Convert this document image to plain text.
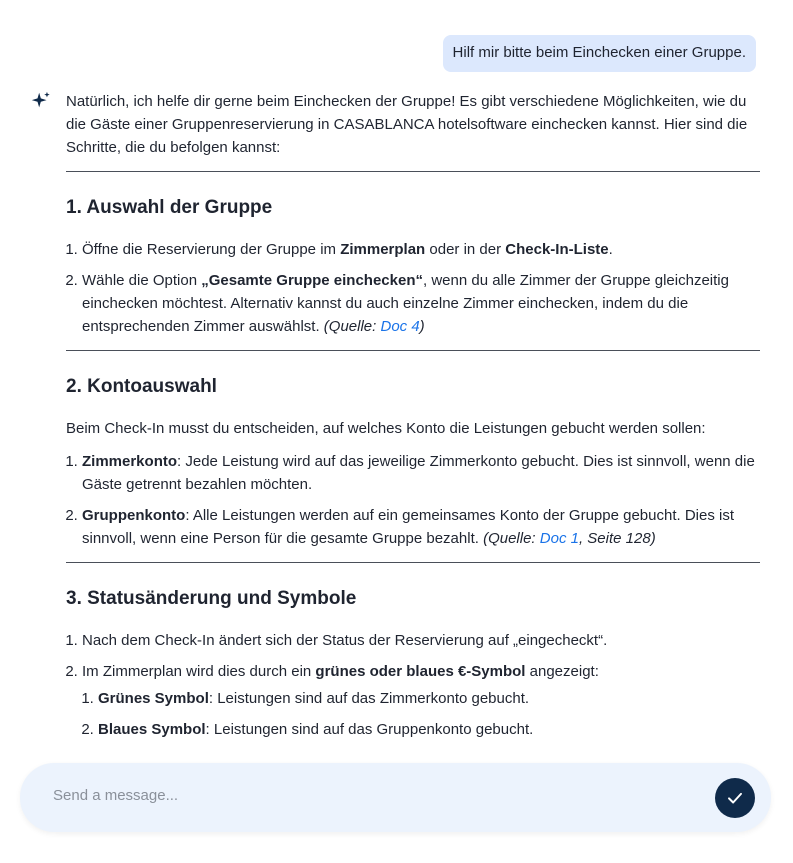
Hilf mir bitte beim Einchecken einer Gruppe.

Natürlich, ich helfe dir gerne beim Einchecken der Gruppe! Es gibt verschiedene Möglichkeiten, wie du die Gäste einer Gruppenreservierung in CASABLANCA hotelsoftware einchecken kannst. Hier sind die Schritte, die du befolgen kannst:

1. Auswahl der Gruppe
1. Öffne die Reservierung der Gruppe im Zimmerplan oder in der Check-In-Liste.
2. Wähle die Option „Gesamte Gruppe einchecken“, wenn du alle Zimmer der Gruppe gleichzeitig einchecken möchtest. Alternativ kannst du auch einzelne Zimmer einchecken, indem du die entsprechenden Zimmer auswählst. (Quelle: Doc 4)
2. Kontoauswahl

Beim Check-In musst du entscheiden, auf welches Konto die Leistungen gebucht werden sollen:

1. Zimmerkonto: Jede Leistung wird auf das jeweilige Zimmerkonto gebucht. Dies ist sinnvoll, wenn die Gäste getrennt bezahlen möchten.
2. Gruppenkonto: Alle Leistungen werden auf ein gemeinsames Konto der Gruppe gebucht. Dies ist sinnvoll, wenn eine Person für die gesamte Gruppe bezahlt. (Quelle: Doc 1, Seite 128)
3. Statusänderung und Symbole
1. Nach dem Check-In ändert sich der Status der Reservierung auf „eingecheckt“.
2. Im Zimmerplan wird dies durch ein grünes oder blaues €-Symbol angezeigt:
1. Grünes Symbol: Leistungen sind auf das Zimmerkonto gebucht.
2. Blaues Symbol: Leistungen sind auf das Gruppenkonto gebucht.
Send a message...
